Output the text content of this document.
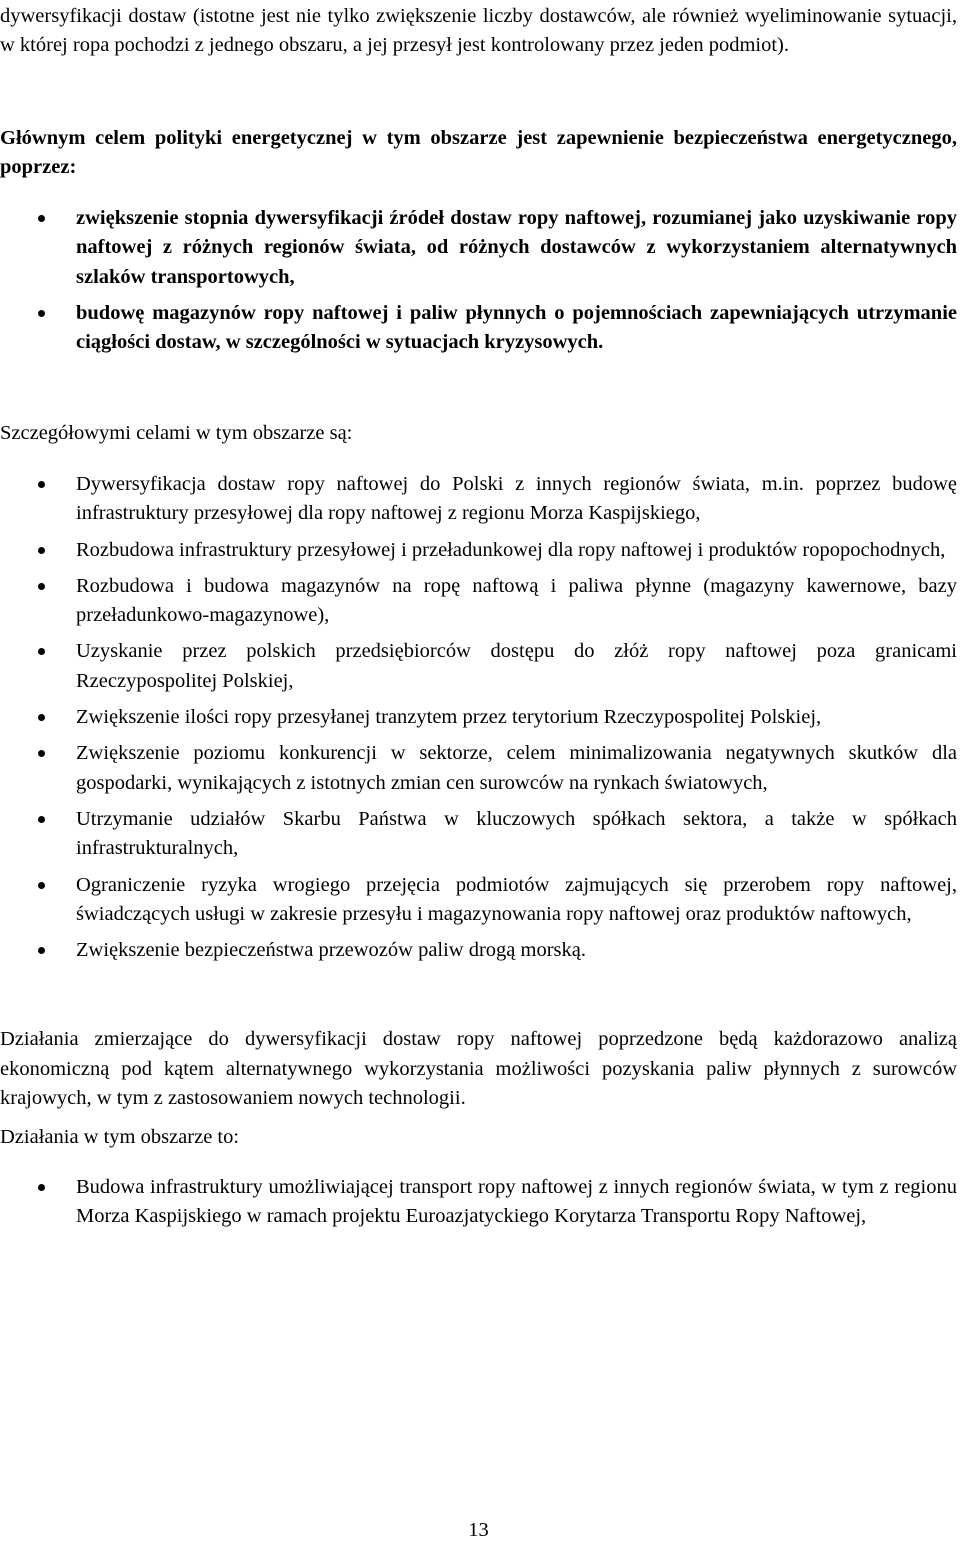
dywersyfikacji dostaw (istotne jest nie tylko zwiększenie liczby dostawców, ale również wyeliminowanie sytuacji, w której ropa pochodzi z jednego obszaru, a jej przesył jest kontrolowany przez jeden podmiot).

Głównym celem polityki energetycznej w tym obszarze jest zapewnienie bezpieczeństwa energetycznego, poprzez:

zwiększenie stopnia dywersyfikacji źródeł dostaw ropy naftowej, rozumianej jako uzyskiwanie ropy naftowej z różnych regionów świata, od różnych dostawców z wykorzystaniem alternatywnych szlaków transportowych,
budowę magazynów ropy naftowej i paliw płynnych o pojemnościach zapewniających utrzymanie ciągłości dostaw, w szczególności w sytuacjach kryzysowych.

Szczegółowymi celami w tym obszarze są:

Dywersyfikacja dostaw ropy naftowej do Polski z innych regionów świata, m.in. poprzez budowę infrastruktury przesyłowej dla ropy naftowej z regionu Morza Kaspijskiego,
Rozbudowa infrastruktury przesyłowej i przeładunkowej dla ropy naftowej i produktów ropopochodnych,
Rozbudowa i budowa magazynów na ropę naftową i paliwa płynne (magazyny kawernowe, bazy przeładunkowo-magazynowe),
Uzyskanie przez polskich przedsiębiorców dostępu do złóż ropy naftowej poza granicami Rzeczypospolitej Polskiej,
Zwiększenie ilości ropy przesyłanej tranzytem przez terytorium Rzeczypospolitej Polskiej,
Zwiększenie poziomu konkurencji w sektorze, celem minimalizowania negatywnych skutków dla gospodarki, wynikających z istotnych zmian cen surowców na rynkach światowych,
Utrzymanie udziałów Skarbu Państwa w kluczowych spółkach sektora, a także w spółkach infrastrukturalnych,
Ograniczenie ryzyka wrogiego przejęcia podmiotów zajmujących się przerobem ropy naftowej, świadczących usługi w zakresie przesyłu i magazynowania ropy naftowej oraz produktów naftowych,
Zwiększenie bezpieczeństwa przewozów paliw drogą morską.

Działania zmierzające do dywersyfikacji dostaw ropy naftowej poprzedzone będą każdorazowo analizą ekonomiczną pod kątem alternatywnego wykorzystania możliwości pozyskania paliw płynnych z surowców krajowych, w tym z zastosowaniem nowych technologii.

Działania w tym obszarze to:

Budowa infrastruktury umożliwiającej transport ropy naftowej z innych regionów świata, w tym z regionu Morza Kaspijskiego w ramach projektu Euroazjatyckiego Korytarza Transportu Ropy Naftowej,
13
